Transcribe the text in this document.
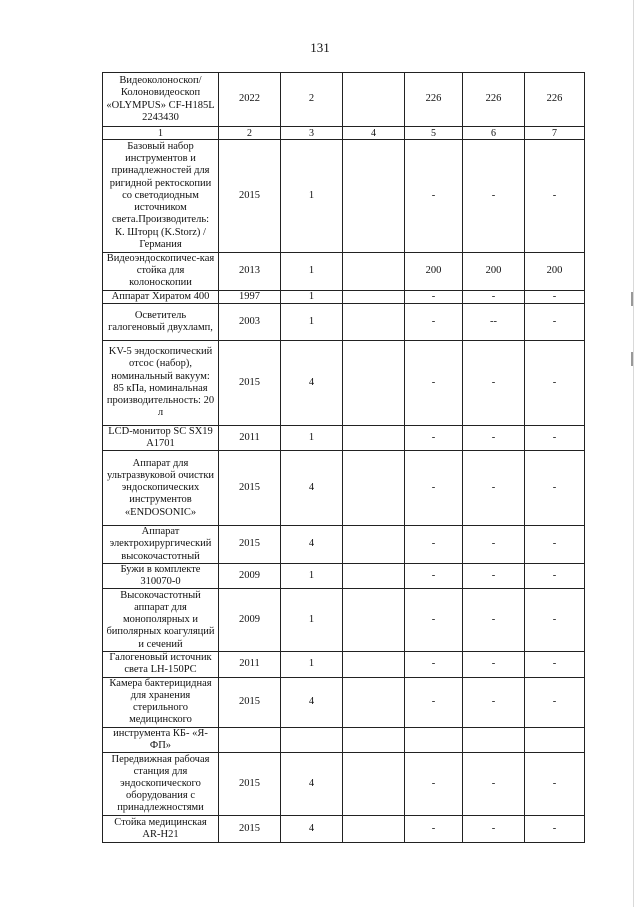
131
Видеоколоноскоп/ Колоновидеоскоп «OLYMPUS» CF-H185L 2243430	2022	2		226	226	226
1	2	3	4	5	6	7
Базовый набор инструментов и принадлежностей для ригидной ректоскопии со светодиодным источником света.Производитель: К. Шторц (K.Storz) / Германия	2015	1		-	-	-
Видеоэндоскопичес-кая стойка для колоноскопии	2013	1		200	200	200
Аппарат Хиратом 400	1997	1		-	-	-
Осветитель галогеновый двухламп,	2003	1		-	--	-
KV-5 эндоскопический отсос (набор), номинальный вакуум: 85 кПа, номинальная производительность: 20 л	2015	4		-	-	-
LCD-монитор SC SX19 A1701	2011	1		-	-	-
Аппарат для ультразвуковой очистки эндоскопических инструментов «ENDOSONIC»	2015	4		-	-	-
Аппарат электрохирургический высокочастотный	2015	4		-	-	-
Бужи в комплекте 310070-0	2009	1		-	-	-
Высокочастотный аппарат для монополярных и биполярных коагуляций и сечений	2009	1		-	-	-
Галогеновый источник света LH-150PC	2011	1		-	-	-
Камера бактерицидная для хранения стерильного медицинского	2015	4		-	-	-
инструмента КБ- «Я-ФП»						
Передвижная рабочая станция для эндоскопического оборудования с принадлежностями	2015	4		-	-	-
Стойка медицинская AR-H21	2015	4		-	-	-
